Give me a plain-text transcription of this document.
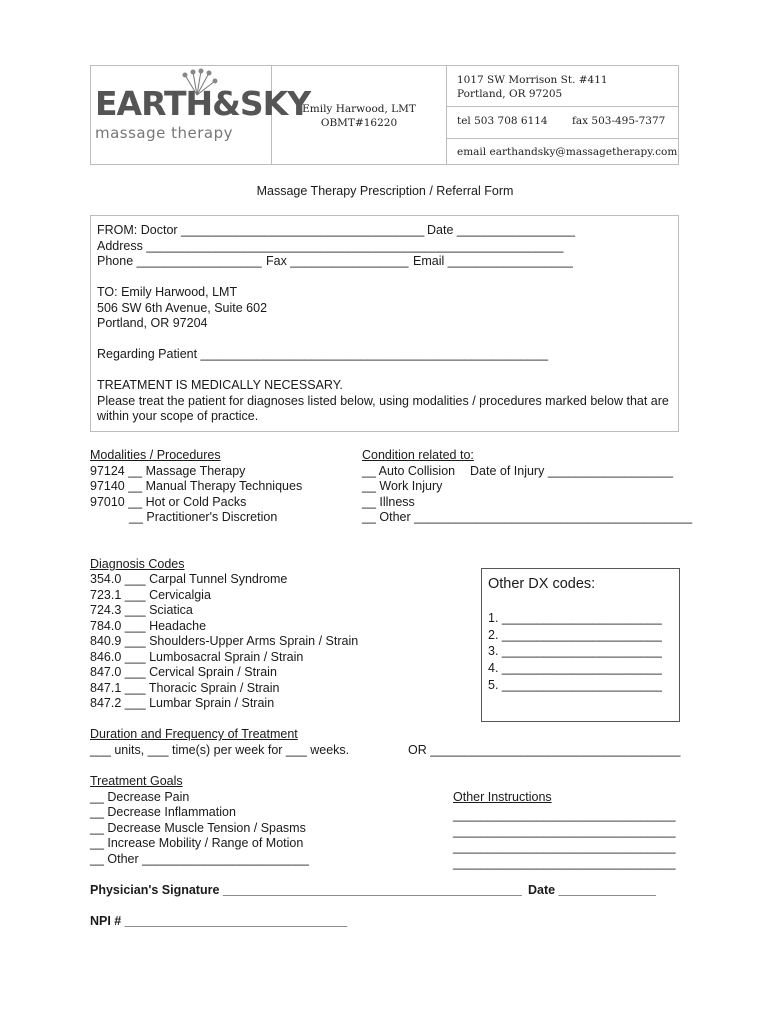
EARTH&SKY
massage therapy
Emily Harwood, LMT
OBMT#16220
1017 SW Morrison St. #411
Portland, OR 97205
tel 503 708 6114 fax 503-495-7377
email earthandsky@massagetherapy.com
Massage Therapy Prescription / Referral Form
FROM: Doctor ___________________________________ Date _________________
Address ____________________________________________________________
Phone __________________ Fax _________________ Email __________________
TO: Emily Harwood, LMT
506 SW 6th Avenue, Suite 602
Portland, OR 97204
Regarding Patient __________________________________________________
TREATMENT IS MEDICALLY NECESSARY.
Please treat the patient for diagnoses listed below, using modalities / procedures marked below that are
within your scope of practice.
Modalities / Procedures
97124 __ Massage Therapy
97140 __ Manual Therapy Techniques
97010 __ Hot or Cold Packs
__ Practitioner's Discretion
Condition related to:
__ Auto Collision Date of Injury __________________
__ Work Injury
__ Illness
__ Other ________________________________________
Diagnosis Codes
354.0 ___ Carpal Tunnel Syndrome
723.1 ___ Cervicalgia
724.3 ___ Sciatica
784.0 ___ Headache
840.9 ___ Shoulders-Upper Arms Sprain / Strain
846.0 ___ Lumbosacral Sprain / Strain
847.0 ___ Cervical Sprain / Strain
847.1 ___ Thoracic Sprain / Strain
847.2 ___ Lumbar Sprain / Strain
Other DX codes:
1. _______________________
2. _______________________
3. _______________________
4. _______________________
5. _______________________
Duration and Frequency of Treatment
___ units, ___ time(s) per week for ___ weeks.	OR ____________________________________
Treatment Goals
__ Decrease Pain
__ Decrease Inflammation
__ Decrease Muscle Tension / Spasms
__ Increase Mobility / Range of Motion
__ Other ________________________
Other Instructions
________________________________
________________________________
________________________________
________________________________
Physician's Signature ___________________________________________ Date ______________
NPI # ________________________________
